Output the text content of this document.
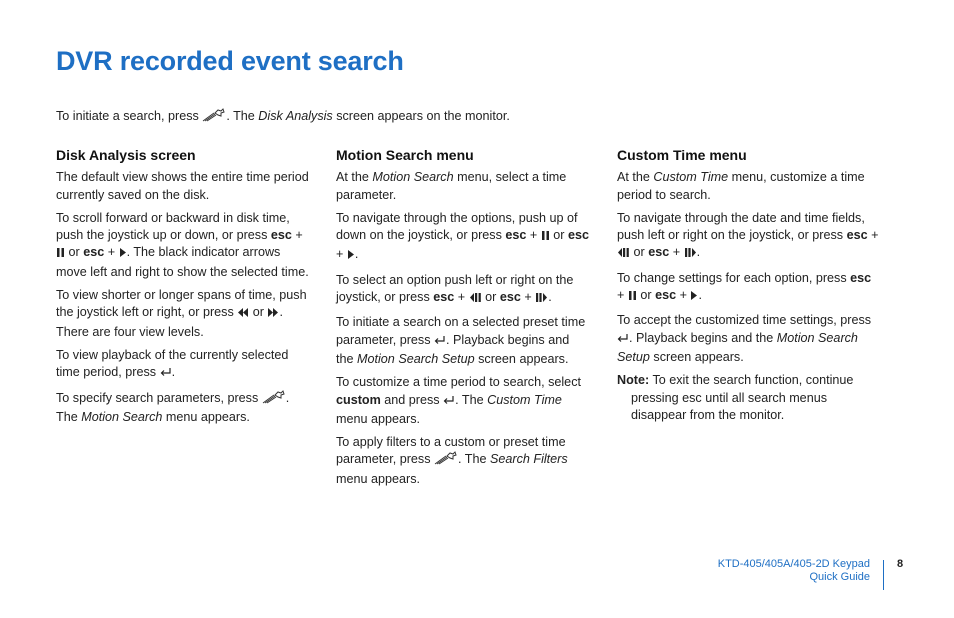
DVR recorded event search
To initiate a search, press . The Disk Analysis screen appears on the monitor.
Disk Analysis screen

The default view shows the entire time period currently saved on the disk.

To scroll forward or backward in disk time, push the joystick up or down, or press esc +  or esc + . The black indicator arrows move left and right to show the selected time.

To view shorter or longer spans of time, push the joystick left or right, or press  or . There are four view levels.

To view playback of the currently selected time period, press .

To specify search parameters, press . The Motion Search menu appears.

Motion Search menu

At the Motion Search menu, select a time parameter.

To navigate through the options, push up of down on the joystick, or press esc +  or esc + .

To select an option push left or right on the joystick, or press esc +  or esc + .

To initiate a search on a selected preset time parameter, press . Playback begins and the Motion Search Setup screen appears.

To customize a time period to search, select custom and press . The Custom Time menu appears.

To apply filters to a custom or preset time parameter, press . The Search Filters menu appears.

Custom Time menu

At the Custom Time menu, customize a time period to search.

To navigate through the date and time fields, push left or right on the joystick, or press esc +  or esc + .

To change settings for each option, press esc +  or esc + .

To accept the customized time settings, press . Playback begins and the Motion Search Setup screen appears.

Note: To exit the search function, continue pressing esc until all search menus disappear from the monitor.

KTD-405/405A/405-2D Keypad
Quick Guide
8
